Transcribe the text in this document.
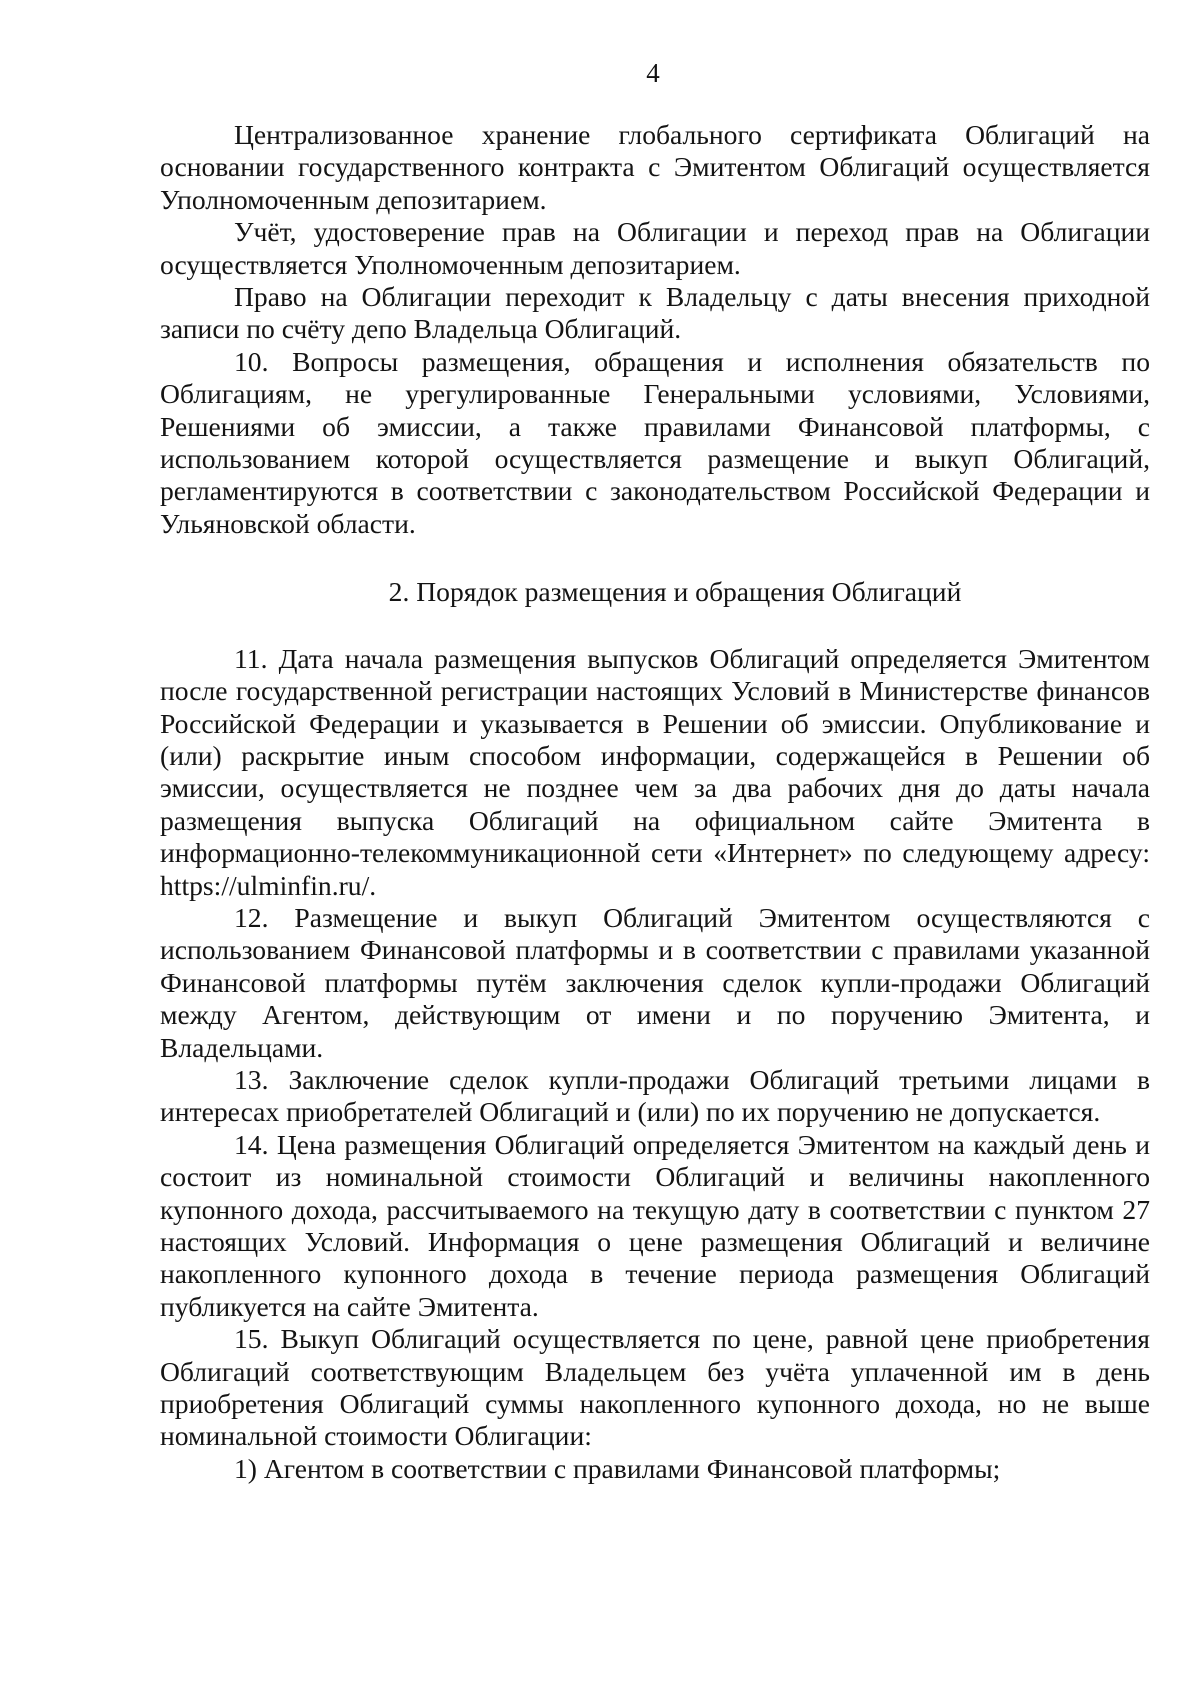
4

Централизованное хранение глобального сертификата Облигаций на основании государственного контракта с Эмитентом Облигаций осуществляется Уполномоченным депозитарием.

Учёт, удостоверение прав на Облигации и переход прав на Облигации осуществляется Уполномоченным депозитарием.

Право на Облигации переходит к Владельцу с даты внесения приходной записи по счёту депо Владельца Облигаций.

10. Вопросы размещения, обращения и исполнения обязательств по Облигациям, не урегулированные Генеральными условиями, Условиями, Решениями об эмиссии, а также правилами Финансовой платформы, с использованием которой осуществляется размещение и выкуп Облигаций, регламентируются в соответствии с законодательством Российской Федерации и Ульяновской области.

2. Порядок размещения и обращения Облигаций

11. Дата начала размещения выпусков Облигаций определяется Эмитентом после государственной регистрации настоящих Условий в Министерстве финансов Российской Федерации и указывается в Решении об эмиссии. Опубликование и (или) раскрытие иным способом информации, содержащейся в Решении об эмиссии, осуществляется не позднее чем за два рабочих дня до даты начала размещения выпуска Облигаций на официальном сайте Эмитента в информационно-телекоммуникационной сети «Интернет» по следующему адресу: https://ulminfin.ru/.

12. Размещение и выкуп Облигаций Эмитентом осуществляются с использованием Финансовой платформы и в соответствии с правилами указанной Финансовой платформы путём заключения сделок купли-продажи Облигаций между Агентом, действующим от имени и по поручению Эмитента, и Владельцами.

13. Заключение сделок купли-продажи Облигаций третьими лицами в интересах приобретателей Облигаций и (или) по их поручению не допускается.

14. Цена размещения Облигаций определяется Эмитентом на каждый день и состоит из номинальной стоимости Облигаций и величины накопленного купонного дохода, рассчитываемого на текущую дату в соответствии с пунктом 27 настоящих Условий. Информация о цене размещения Облигаций и величине накопленного купонного дохода в течение периода размещения Облигаций публикуется на сайте Эмитента.

15. Выкуп Облигаций осуществляется по цене, равной цене приобретения Облигаций соответствующим Владельцем без учёта уплаченной им в день приобретения Облигаций суммы накопленного купонного дохода, но не выше номинальной стоимости Облигации:

1) Агентом в соответствии с правилами Финансовой платформы;
